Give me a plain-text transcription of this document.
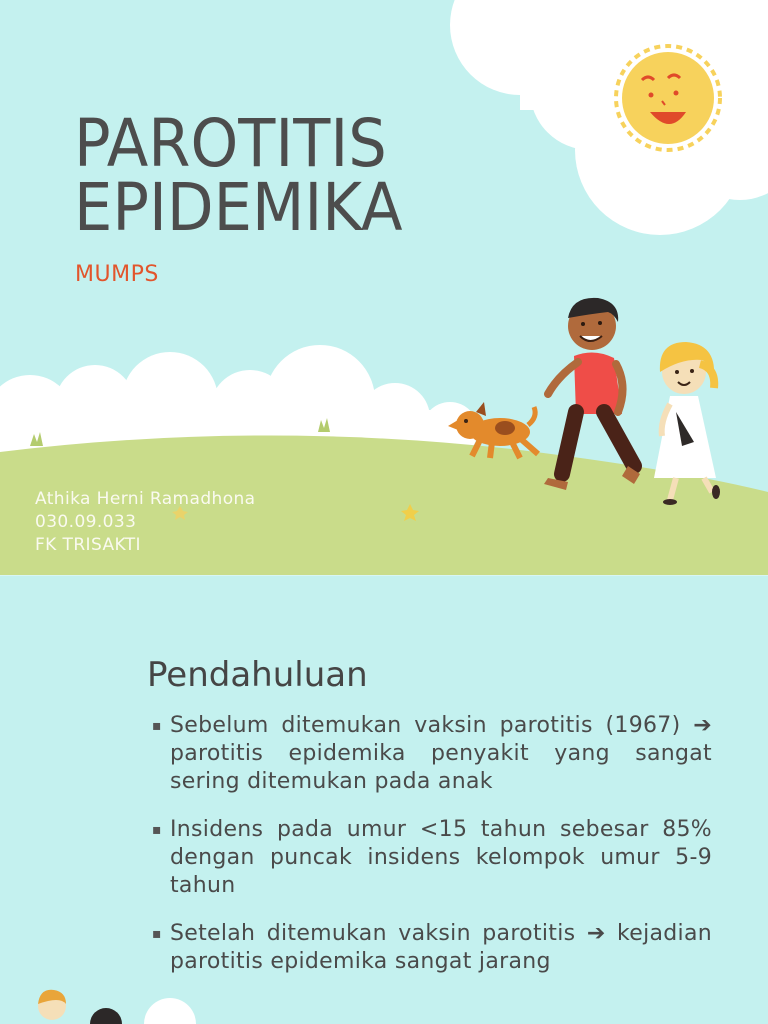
PAROTITIS
EPIDEMIKA
MUMPS
Athika Herni Ramadhona
030.09.033
FK TRISAKTI
Pendahuluan
▪ Sebelum ditemukan vaksin parotitis (1967) ➔ parotitis epidemika penyakit yang sangat sering ditemukan pada anak
▪ Insidens pada umur <15 tahun sebesar 85% dengan puncak insidens kelompok umur 5-9 tahun
▪ Setelah ditemukan vaksin parotitis ➔ kejadian parotitis epidemika sangat jarang
